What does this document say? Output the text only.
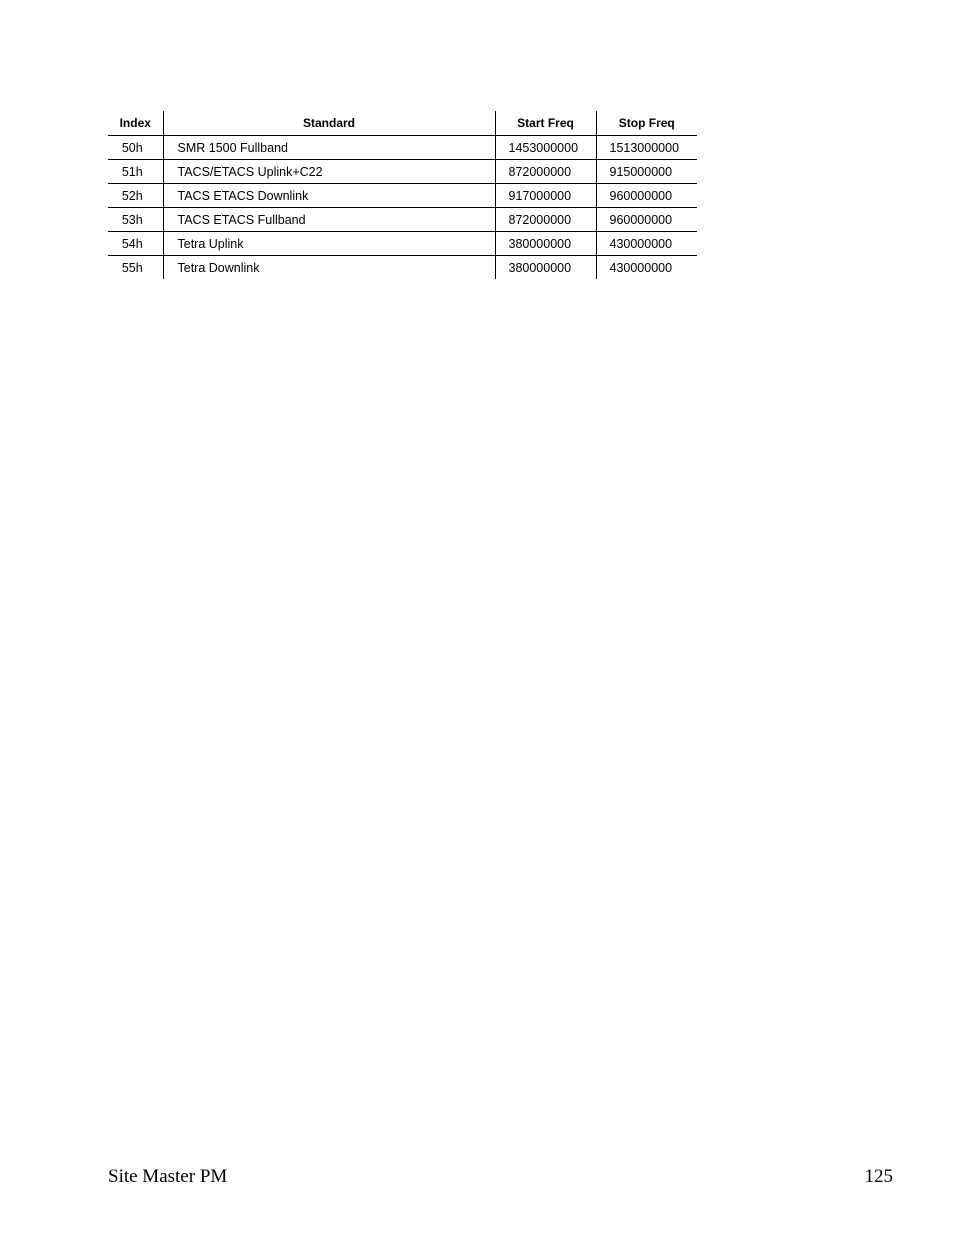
Index	Standard	Start Freq	Stop Freq
50h	SMR 1500 Fullband	1453000000	1513000000
51h	TACS/ETACS Uplink+C22	872000000	915000000
52h	TACS ETACS Downlink	917000000	960000000
53h	TACS ETACS Fullband	872000000	960000000
54h	Tetra Uplink	380000000	430000000
55h	Tetra Downlink	380000000	430000000
Site Master PM	125
